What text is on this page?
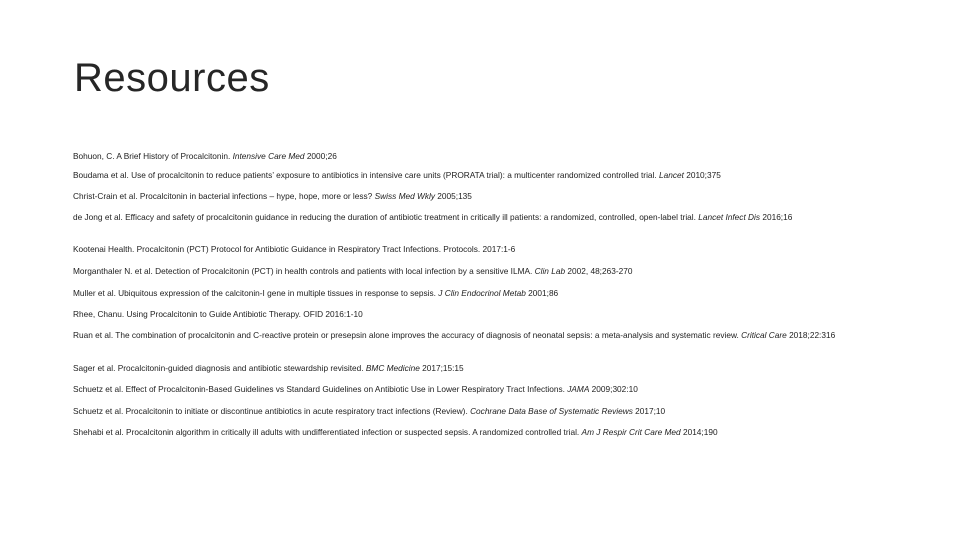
Resources
Bohuon, C. A Brief History of Procalcitonin. Intensive Care Med 2000;26
Boudama et al. Use of procalcitonin to reduce patients’ exposure to antibiotics in intensive care units (PRORATA trial): a multicenter randomized controlled trial. Lancet 2010;375
Christ-Crain et al. Procalcitonin in bacterial infections – hype, hope, more or less? Swiss Med Wkly 2005;135
de Jong et al. Efficacy and safety of procalcitonin guidance in reducing the duration of antibiotic treatment in critically ill patients: a randomized, controlled, open-label trial. Lancet Infect Dis 2016;16
Kootenai Health. Procalcitonin (PCT) Protocol for Antibiotic Guidance in Respiratory Tract Infections. Protocols. 2017:1-6
Morganthaler N. et al. Detection of Procalcitonin (PCT) in health controls and patients with local infection by a sensitive ILMA. Clin Lab 2002, 48;263-270
Muller et al. Ubiquitous expression of the calcitonin-I gene in multiple tissues in response to sepsis. J Clin Endocrinol Metab 2001;86
Rhee, Chanu. Using Procalcitonin to Guide Antibiotic Therapy. OFID 2016:1-10
Ruan et al. The combination of procalcitonin and C-reactive protein or presepsin alone improves the accuracy of diagnosis of neonatal sepsis: a meta-analysis and systematic review. Critical Care 2018;22:316
Sager et al. Procalcitonin-guided diagnosis and antibiotic stewardship revisited. BMC Medicine 2017;15:15
Schuetz et al. Effect of Procalcitonin-Based Guidelines vs Standard Guidelines on Antibiotic Use in Lower Respiratory Tract Infections. JAMA 2009;302:10
Schuetz et al. Procalcitonin to initiate or discontinue antibiotics in acute respiratory tract infections (Review). Cochrane Data Base of Systematic Reviews 2017;10
Shehabi et al. Procalcitonin algorithm in critically ill adults with undifferentiated infection or suspected sepsis. A randomized controlled trial. Am J Respir Crit Care Med 2014;190
